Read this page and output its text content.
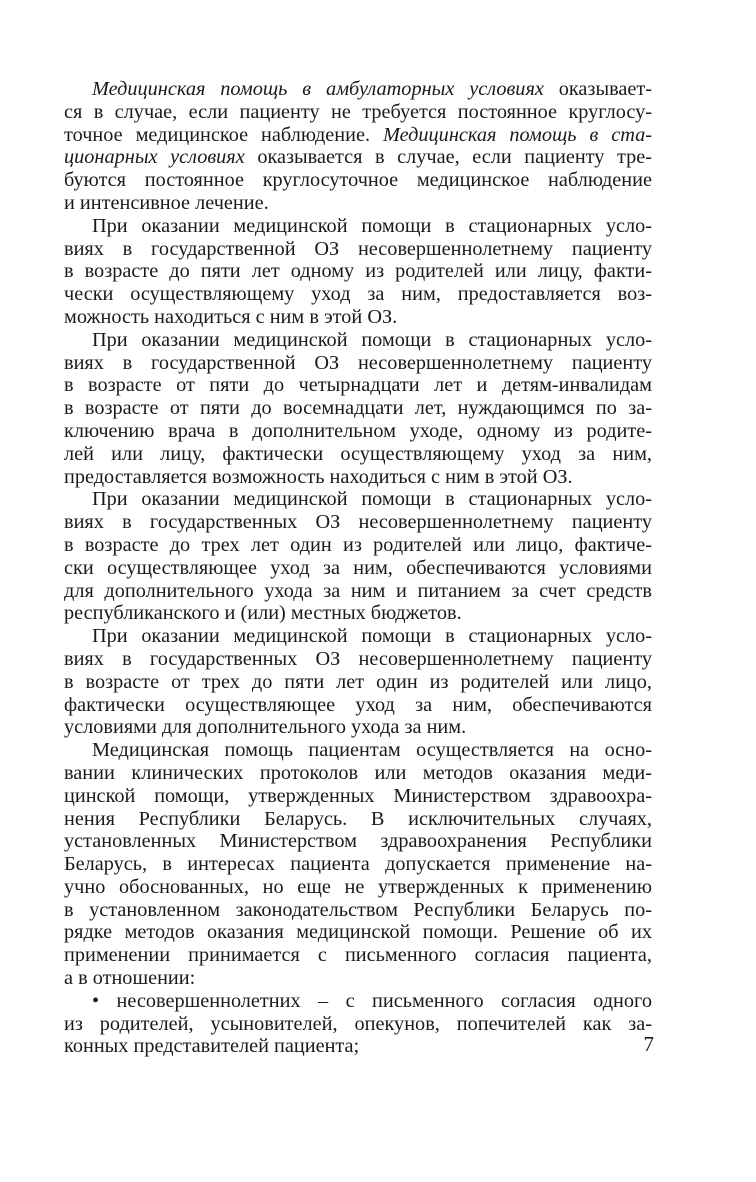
Медицинская помощь в амбулаторных условиях оказывает-
ся в случае, если пациенту не требуется постоянное круглосу-
точное медицинское наблюдение. Медицинская помощь в ста-
ционарных условиях оказывается в случае, если пациенту тре-
буются постоянное круглосуточное медицинское наблюдение
и интенсивное лечение.
При оказании медицинской помощи в стационарных усло-
виях в государственной ОЗ несовершеннолетнему пациенту
в возрасте до пяти лет одному из родителей или лицу, факти-
чески осуществляющему уход за ним, предоставляется воз-
можность находиться с ним в этой ОЗ.
При оказании медицинской помощи в стационарных усло-
виях в государственной ОЗ несовершеннолетнему пациенту
в возрасте от пяти до четырнадцати лет и детям-инвалидам
в возрасте от пяти до восемнадцати лет, нуждающимся по за-
ключению врача в дополнительном уходе, одному из родите-
лей или лицу, фактически осуществляющему уход за ним,
предоставляется возможность находиться с ним в этой ОЗ.
При оказании медицинской помощи в стационарных усло-
виях в государственных ОЗ несовершеннолетнему пациенту
в возрасте до трех лет один из родителей или лицо, фактиче-
ски осуществляющее уход за ним, обеспечиваются условиями
для дополнительного ухода за ним и питанием за счет средств
республиканского и (или) местных бюджетов.
При оказании медицинской помощи в стационарных усло-
виях в государственных ОЗ несовершеннолетнему пациенту
в возрасте от трех до пяти лет один из родителей или лицо,
фактически осуществляющее уход за ним, обеспечиваются
условиями для дополнительного ухода за ним.
Медицинская помощь пациентам осуществляется на осно-
вании клинических протоколов или методов оказания меди-
цинской помощи, утвержденных Министерством здравоохра-
нения Республики Беларусь. В исключительных случаях,
установленных Министерством здравоохранения Республики
Беларусь, в интересах пациента допускается применение на-
учно обоснованных, но еще не утвержденных к применению
в установленном законодательством Республики Беларусь по-
рядке методов оказания медицинской помощи. Решение об их
применении принимается с письменного согласия пациента,
а в отношении:
• несовершеннолетних – с письменного согласия одного
из родителей, усыновителей, опекунов, попечителей как за-
конных представителей пациента;	7
